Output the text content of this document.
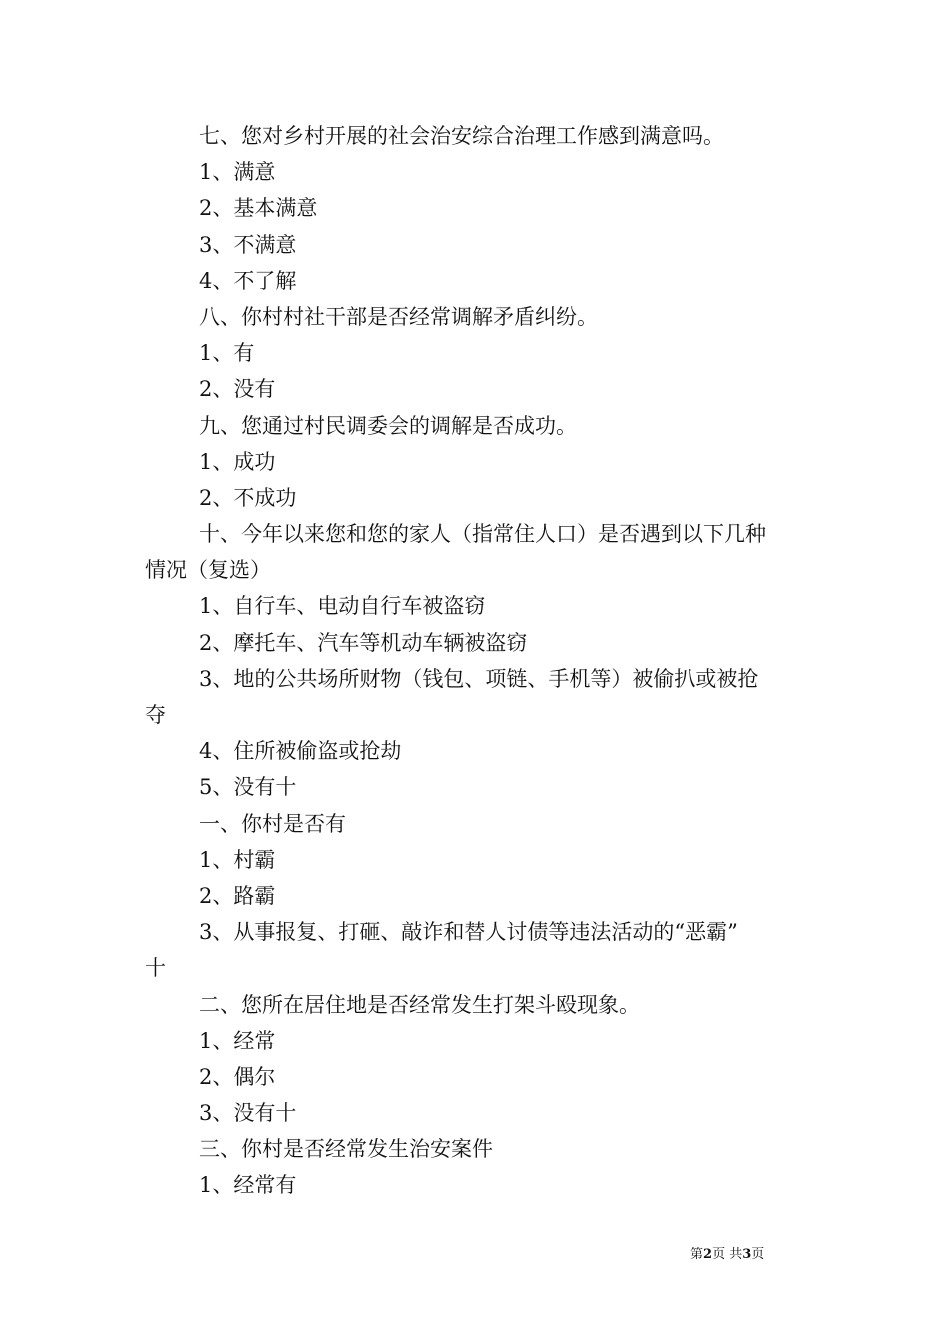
七、您对乡村开展的社会治安综合治理工作感到满意吗。
1、满意
2、基本满意
3、不满意
4、不了解
八、你村村社干部是否经常调解矛盾纠纷。
1、有
2、没有
九、您通过村民调委会的调解是否成功。
1、成功
2、不成功
十、今年以来您和您的家人（指常住人口）是否遇到以下几种
情况（复选）
1、自行车、电动自行车被盗窃
2、摩托车、汽车等机动车辆被盗窃
3、地的公共场所财物（钱包、项链、手机等）被偷扒或被抢
夺
4、住所被偷盗或抢劫
5、没有十
一、你村是否有
1、村霸
2、路霸
3、从事报复、打砸、敲诈和替人讨债等违法活动的“恶霸”
十
二、您所在居住地是否经常发生打架斗殴现象。
1、经常
2、偶尔
3、没有十
三、你村是否经常发生治安案件
1、经常有
第2页 共3页
